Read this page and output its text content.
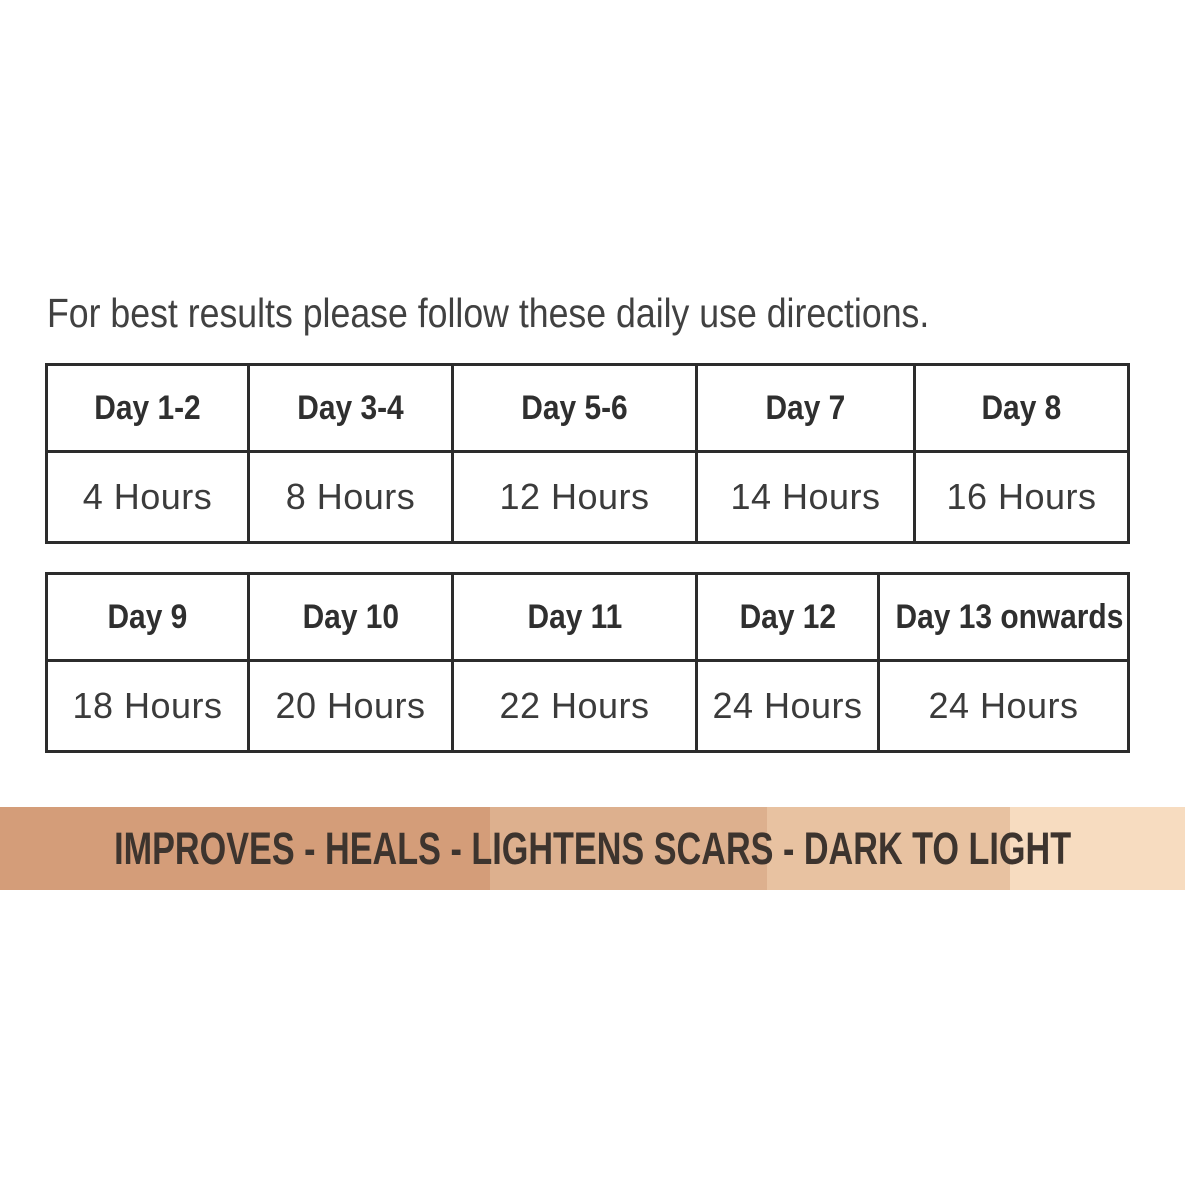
For best results please follow these daily use directions.
Day 1-2	Day 3-4	Day 5-6	Day 7	Day 8
4 Hours	8 Hours	12 Hours	14 Hours	16 Hours
Day 9	Day 10	Day 11	Day 12	Day 13 onwards
18 Hours	20 Hours	22 Hours	24 Hours	24 Hours
IMPROVES - HEALS - LIGHTENS SCARS - DARK TO LIGHT
